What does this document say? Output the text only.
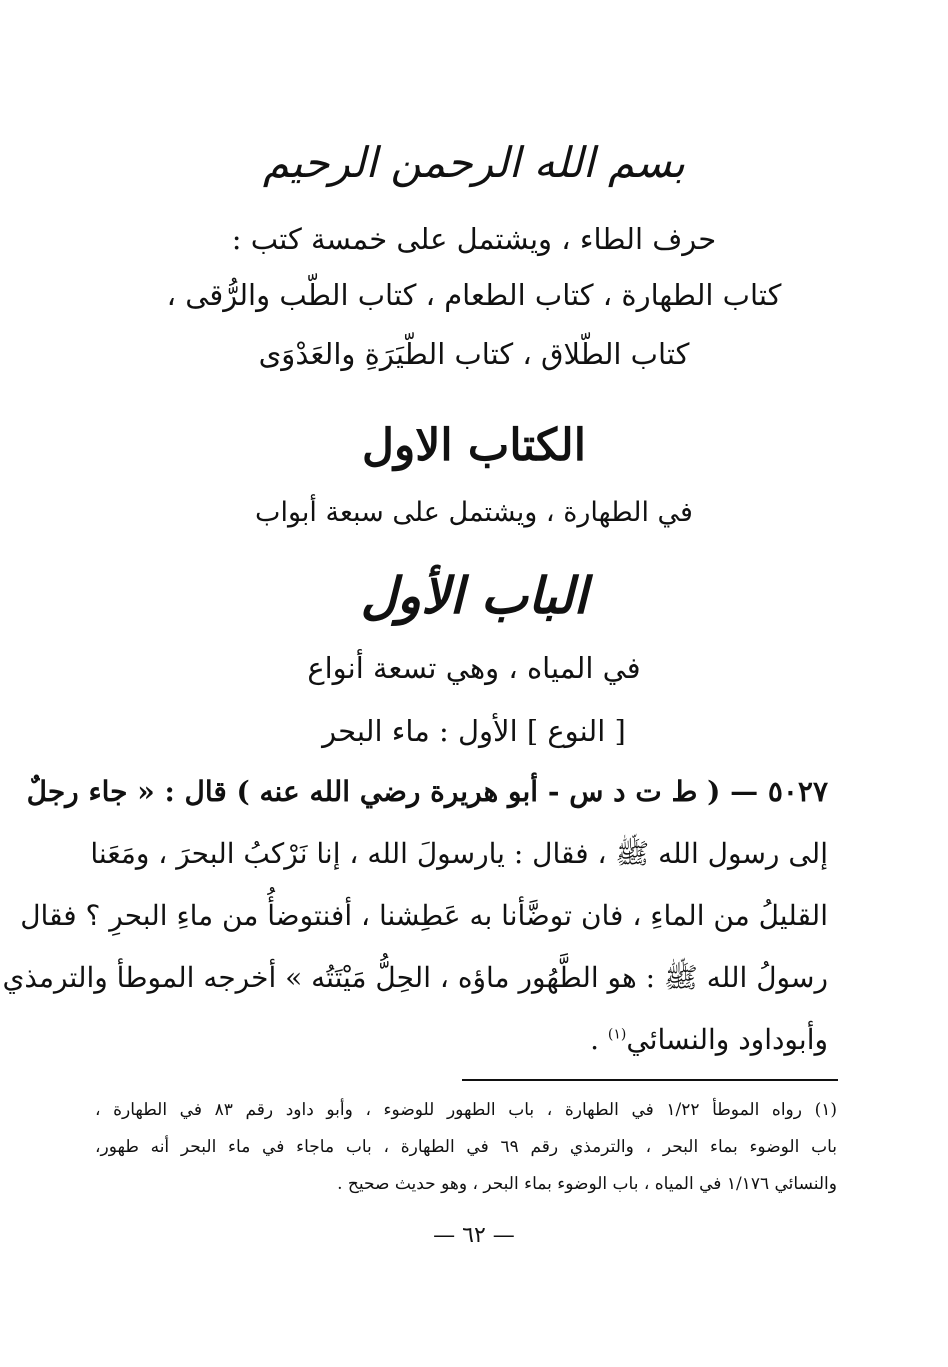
بسم الله الرحمن الرحيم
حرف الطاء ، ويشتمل على خمسة كتب :
كتاب الطهارة ، كتاب الطعام ، كتاب الطّب والرُّقى ،
كتاب الطّلاق ، كتاب الطّيَرَةِ والعَدْوَى
الكتاب الاول
في الطهارة ، ويشتمل على سبعة أبواب
الباب الأول
في المياه ، وهي تسعة أنواع
[ النوع ] الأول : ماء البحر
٥٠٢٧ — ( ط ت د س - أبو هريرة رضي الله عنه ) قال : « جاء رجلٌ
إلى رسول الله ﷺ ، فقال : يارسولَ الله ، إنا نَرْكبُ البحرَ ، ومَعَنا
القليلُ من الماءِ ، فان توضَّأنا به عَطِشنا ، أفنتوضأُ من ماءِ البحرِ ؟ فقال
رسولُ الله ﷺ : هو الطَّهُور ماؤه ، الحِلُّ مَيْتَتُه » أخرجه الموطأ والترمذي
وأبوداود والنسائي$^{(١)}$ .
(١) رواه الموطأ ١/٢٢ في الطهارة ، باب الطهور للوضوء ، وأبو داود رقم ٨٣ في الطهارة ،
باب الوضوء بماء البحر ، والترمذي رقم ٦٩ في الطهارة ، باب ماجاء في ماء البحر أنه طهور،
والنسائي ١/١٧٦ في المياه ، باب الوضوء بماء البحر ، وهو حديث صحيح .
— ٦٢ —
